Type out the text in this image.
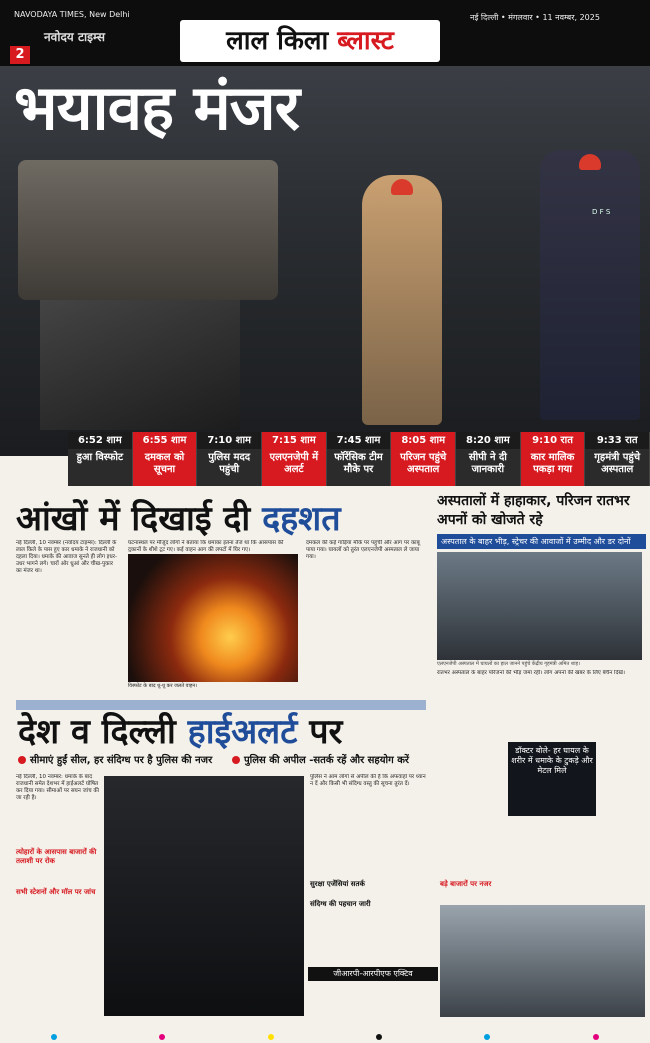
NAVODAYA TIMES, New Delhi
नवोदय टाइम्स
2	लाल किला ब्लास्ट
नई दिल्ली • मंगलवार • 11 नवम्बर, 2025
D F S
भयावह मंजर
6:52 शाम
हुआ विस्फोट
6:55 शाम
दमकल को सूचना
7:10 शाम
पुलिस मदद पहुंची
7:15 शाम
एलएनजेपी में अलर्ट
7:45 शाम
फॉरेंसिक टीम मौके पर
8:05 शाम
परिजन पहुंचे अस्पताल
8:20 शाम
सीपी ने दी जानकारी
9:10 रात
कार मालिक पकड़ा गया
9:33 रात
गृहमंत्री पहुंचे अस्पताल
आंखों में दिखाई दी दहशत
नई दिल्ली, 10 नवम्बर (नवोदय टाइम्स): दिल्ली के लाल किले के पास हुए कार धमाके ने राजधानी को दहला दिया। धमाके की आवाज सुनते ही लोग इधर-उधर भागने लगे। चारों ओर धुआं और चीख-पुकार का मंजर था।
घटनास्थल पर मौजूद लोगों ने बताया कि धमाका इतना तेज था कि आसपास की दुकानों के शीशे टूट गए। कई वाहन आग की लपटों में घिर गए।
विस्फोट के बाद धू-धू कर जलते वाहन।
दमकल की कई गाड़ियां मौके पर पहुंचीं और आग पर काबू पाया गया। घायलों को तुरंत एलएनजेपी अस्पताल ले जाया गया।
अस्पतालों में हाहाकार, परिजन रातभर अपनों को खोजते रहे
अस्पताल के बाहर भीड़, स्ट्रेचर की आवाजों में उम्मीद और डर दोनों
एलएनजेपी अस्पताल में घायलों का हाल जानने पहुंचे केंद्रीय गृहमंत्री अमित शाह।
रातभर अस्पताल के बाहर परिजनों की भीड़ जमा रही। लोग अपनों की खबर के लिए बेचैन दिखे।
देश व दिल्ली हाईअलर्ट पर
सीमाएं हुईं सील, हर संदिग्ध पर है पुलिस की नजर	पुलिस की अपील -सतर्क रहें और सहयोग करें
नई दिल्ली, 10 नवम्बर: धमाके के बाद राजधानी समेत देशभर में हाईअलर्ट घोषित कर दिया गया। सीमाओं पर सघन जांच की जा रही है।
त्योहारों के आसपास बाजारों की तलाशी पर रोक
सभी स्टेशनों और मॉल पर जांच
पुलिस ने आम लोगों से अपील की है कि अफवाहों पर ध्यान न दें और किसी भी संदिग्ध वस्तु की सूचना तुरंत दें।
सुरक्षा एजेंसियां सतर्क
संदिग्ध की पहचान जारी
जीआरपी-आरपीएफ एक्टिव
डॉक्टर बोले- हर घायल के शरीर में धमाके के टुकड़े और मेटल मिले
बड़े बाजारों पर नजर
